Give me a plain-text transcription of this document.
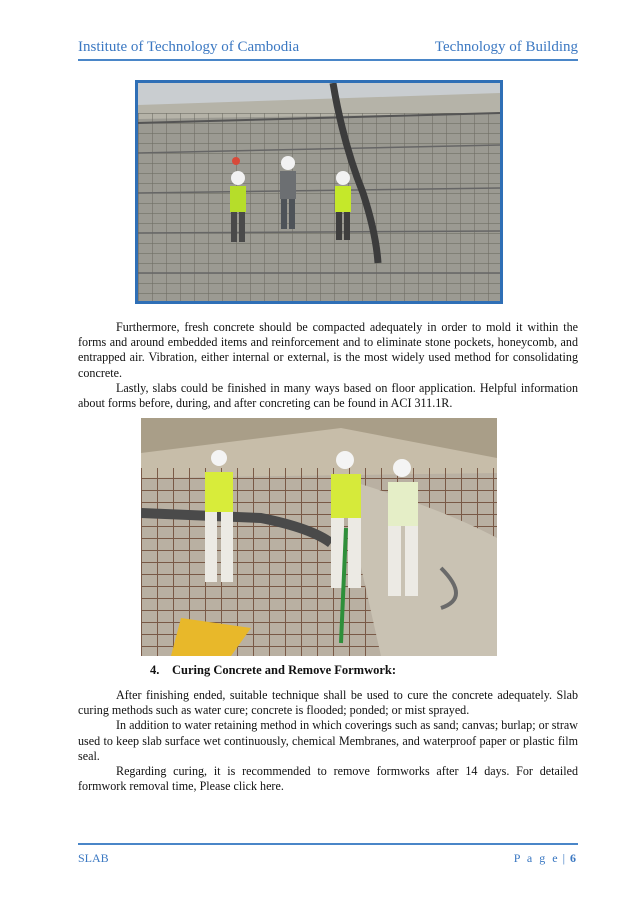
Institute of Technology of Cambodia	Technology of Building

Furthermore, fresh concrete should be compacted adequately in order to mold it within the forms and around embedded items and reinforcement and to eliminate stone pockets, honeycomb, and entrapped air. Vibration, either internal or external, is the most widely used method for consolidating concrete.

Lastly, slabs could be finished in many ways based on floor application. Helpful information about forms before, during, and after concreting can be found in ACI 311.1R.

4. Curing Concrete and Remove Formwork:

After finishing ended, suitable technique shall be used to cure the concrete adequately. Slab curing methods such as water cure; concrete is flooded; ponded; or mist sprayed.

In addition to water retaining method in which coverings such as sand; canvas; burlap; or straw used to keep slab surface wet continuously, chemical Membranes, and waterproof paper or plastic film seal.

Regarding curing, it is recommended to remove formworks after 14 days. For detailed formwork removal time, Please click here.

SLAB	P a g e | 6
